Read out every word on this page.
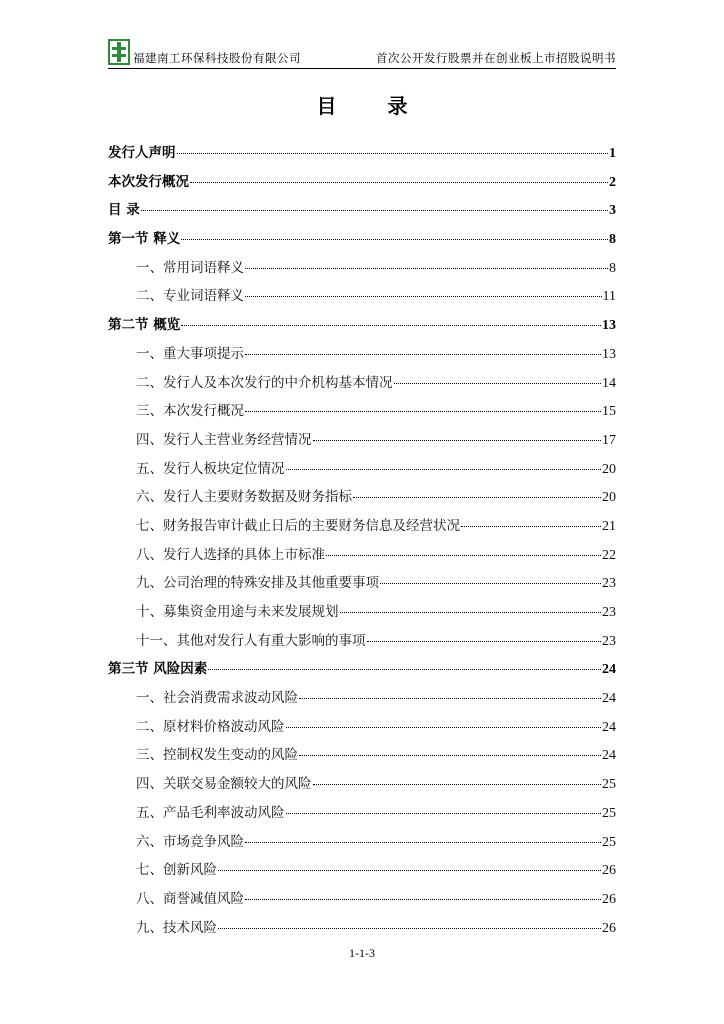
福建南工环保科技股份有限公司	首次公开发行股票并在创业板上市招股说明书
目 录
发行人声明	1
本次发行概况	2
目 录	3
第一节 释义	8
一、常用词语释义	8
二、专业词语释义	11
第二节 概览	13
一、重大事项提示	13
二、发行人及本次发行的中介机构基本情况	14
三、本次发行概况	15
四、发行人主营业务经营情况	17
五、发行人板块定位情况	20
六、发行人主要财务数据及财务指标	20
七、财务报告审计截止日后的主要财务信息及经营状况	21
八、发行人选择的具体上市标准	22
九、公司治理的特殊安排及其他重要事项	23
十、募集资金用途与未来发展规划	23
十一、其他对发行人有重大影响的事项	23
第三节 风险因素	24
一、社会消费需求波动风险	24
二、原材料价格波动风险	24
三、控制权发生变动的风险	24
四、关联交易金额较大的风险	25
五、产品毛利率波动风险	25
六、市场竞争风险	25
七、创新风险	26
八、商誉减值风险	26
九、技术风险	26
1-1-3
